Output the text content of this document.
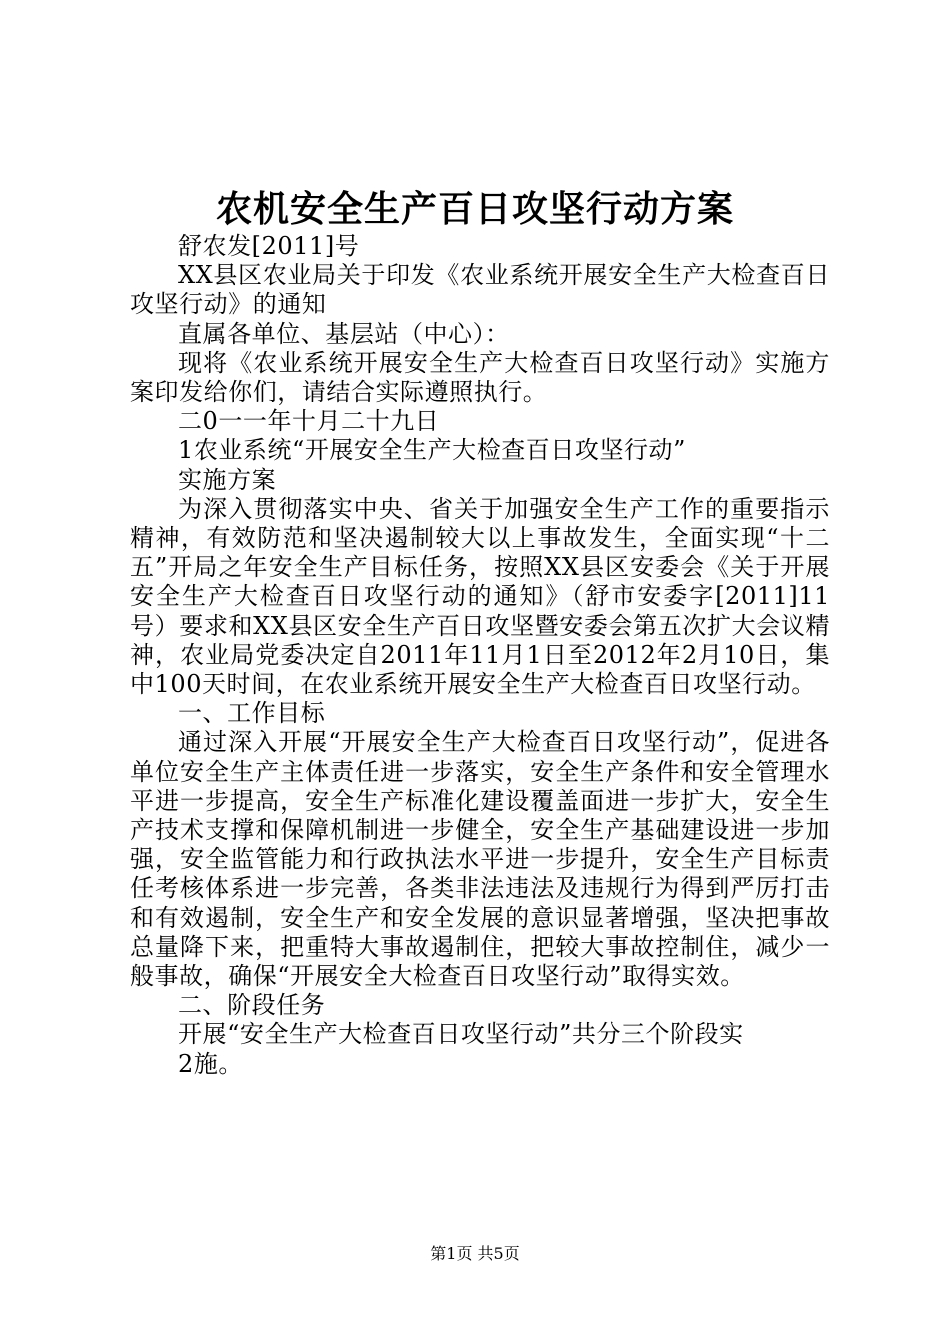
农机安全生产百日攻坚行动方案

舒农发[2011]号

XX县区农业局关于印发《农业系统开展安全生产大检查百日攻坚行动》的通知

直属各单位、基层站（中心）：

现将《农业系统开展安全生产大检查百日攻坚行动》实施方案印发给你们，请结合实际遵照执行。

二0一一年十月二十九日

1农业系统“开展安全生产大检查百日攻坚行动”

实施方案

为深入贯彻落实中央、省关于加强安全生产工作的重要指示精神，有效防范和坚决遏制较大以上事故发生，全面实现“十二五”开局之年安全生产目标任务，按照XX县区安委会《关于开展安全生产大检查百日攻坚行动的通知》（舒市安委字[2011]11号）要求和XX县区安全生产百日攻坚暨安委会第五次扩大会议精神，农业局党委决定自2011年11月1日至2012年2月10日，集中100天时间，在农业系统开展安全生产大检查百日攻坚行动。

一、工作目标

通过深入开展“开展安全生产大检查百日攻坚行动”，促进各单位安全生产主体责任进一步落实，安全生产条件和安全管理水平进一步提高，安全生产标准化建设覆盖面进一步扩大，安全生产技术支撑和保障机制进一步健全，安全生产基础建设进一步加强，安全监管能力和行政执法水平进一步提升，安全生产目标责任考核体系进一步完善，各类非法违法及违规行为得到严厉打击和有效遏制，安全生产和安全发展的意识显著增强，坚决把事故总量降下来，把重特大事故遏制住，把较大事故控制住，减少一般事故，确保“开展安全大检查百日攻坚行动”取得实效。

二、阶段任务

开展“安全生产大检查百日攻坚行动”共分三个阶段实

2施。

第1页 共5页
